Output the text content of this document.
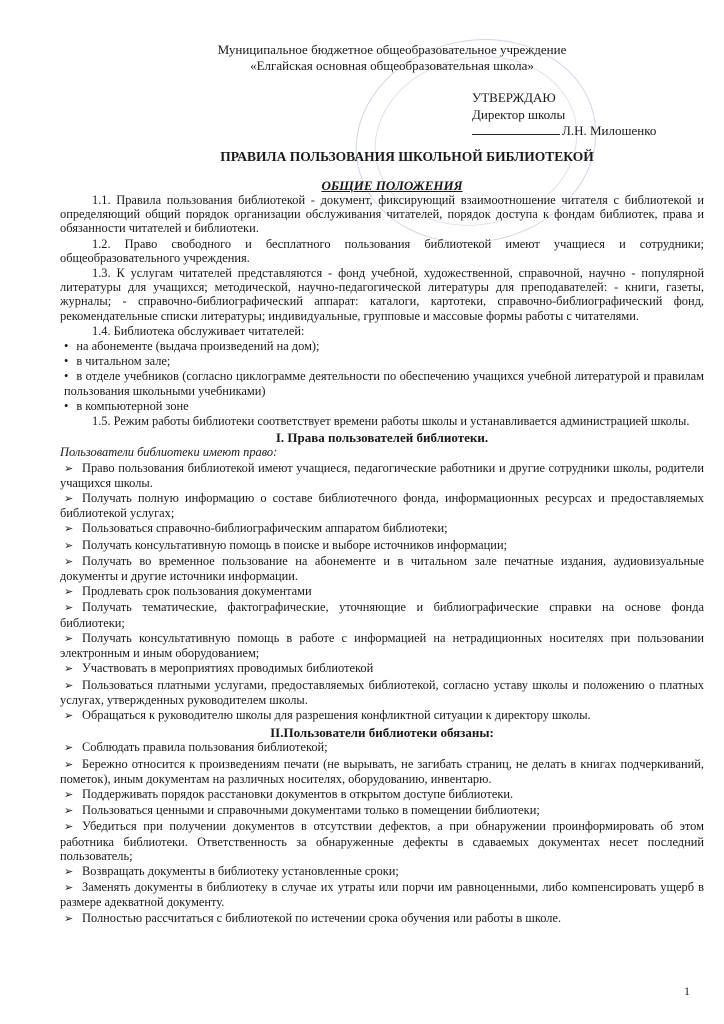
Муниципальное бюджетное общеобразовательное учреждение
«Елгайская основная общеобразовательная школа»
УТВЕРЖДАЮ
Директор школы
Л.Н. Милошенко
ПРАВИЛА ПОЛЬЗОВАНИЯ ШКОЛЬНОЙ БИБЛИОТЕКОЙ
ОБЩИЕ ПОЛОЖЕНИЯ

1.1. Правила пользования библиотекой - документ, фиксирующий взаимоотношение читателя с библиотекой и определяющий общий порядок организации обслуживания читателей, порядок доступа к фондам библиотек, права и обязанности читателей и библиотеки.

1.2. Право свободного и бесплатного пользования библиотекой имеют учащиеся и сотрудники; общеобразовательного учреждения.

1.3. К услугам читателей представляются - фонд учебной, художественной, справочной, научно - популярной литературы для учащихся; методической, научно-педагогической литературы для преподавателей: - книги, газеты, журналы; - справочно-библиографический аппарат: каталоги, картотеки, справочно-библиографический фонд, рекомендательные списки литературы; индивидуальные, групповые и массовые формы работы с читателями.

1.4. Библиотека обслуживает читателей:

• на абонементе (выдача произведений на дом);

• в читальном зале;

• в отделе учебников (согласно циклограмме деятельности по обеспечению учащихся учебной литературой и правилам пользования школьными учебниками)

• в компьютерной зоне

1.5. Режим работы библиотеки соответствует времени работы школы и устанавливается администрацией школы.

I. Права пользователей библиотеки.

Пользователи библиотеки имеют право:

➢ Право пользования библиотекой имеют учащиеся, педагогические работники и другие сотрудники школы, родители учащихся школы.

➢ Получать полную информацию о составе библиотечного фонда, информационных ресурсах и предоставляемых библиотекой услугах;

➢ Пользоваться справочно-библиографическим аппаратом библиотеки;

➢ Получать консультативную помощь в поиске и выборе источников информации;

➢ Получать во временное пользование на абонементе и в читальном зале печатные издания, аудиовизуальные документы и другие источники информации.

➢ Продлевать срок пользования документами

➢ Получать тематические, фактографические, уточняющие и библиографические справки на основе фонда библиотеки;

➢ Получать консультативную помощь в работе с информацией на нетрадиционных носителях при пользовании электронным и иным оборудованием;

➢ Участвовать в мероприятиях проводимых библиотекой

➢ Пользоваться платными услугами, предоставляемых библиотекой, согласно уставу школы и положению о платных услугах, утвержденных руководителем школы.

➢ Обращаться к руководителю школы для разрешения конфликтной ситуации к директору школы.

II.Пользователи библиотеки обязаны:

➢ Соблюдать правила пользования библиотекой;

➢ Бережно относится к произведениям печати (не вырывать, не загибать страниц, не делать в книгах подчеркиваний, пометок), иным документам на различных носителях, оборудованию, инвентарю.

➢ Поддерживать порядок расстановки документов в открытом доступе библиотеки.

➢ Пользоваться ценными и справочными документами только в помещении библиотеки;

➢ Убедиться при получении документов в отсутствии дефектов, а при обнаружении проинформировать об этом работника библиотеки. Ответственность за обнаруженные дефекты в сдаваемых документах несет последний пользователь;

➢ Возвращать документы в библиотеку установленные сроки;

➢ Заменять документы в библиотеку в случае их утраты или порчи им равноценными, либо компенсировать ущерб в размере адекватной документу.

➢ Полностью рассчитаться с библиотекой по истечении срока обучения или работы в школе.

1
